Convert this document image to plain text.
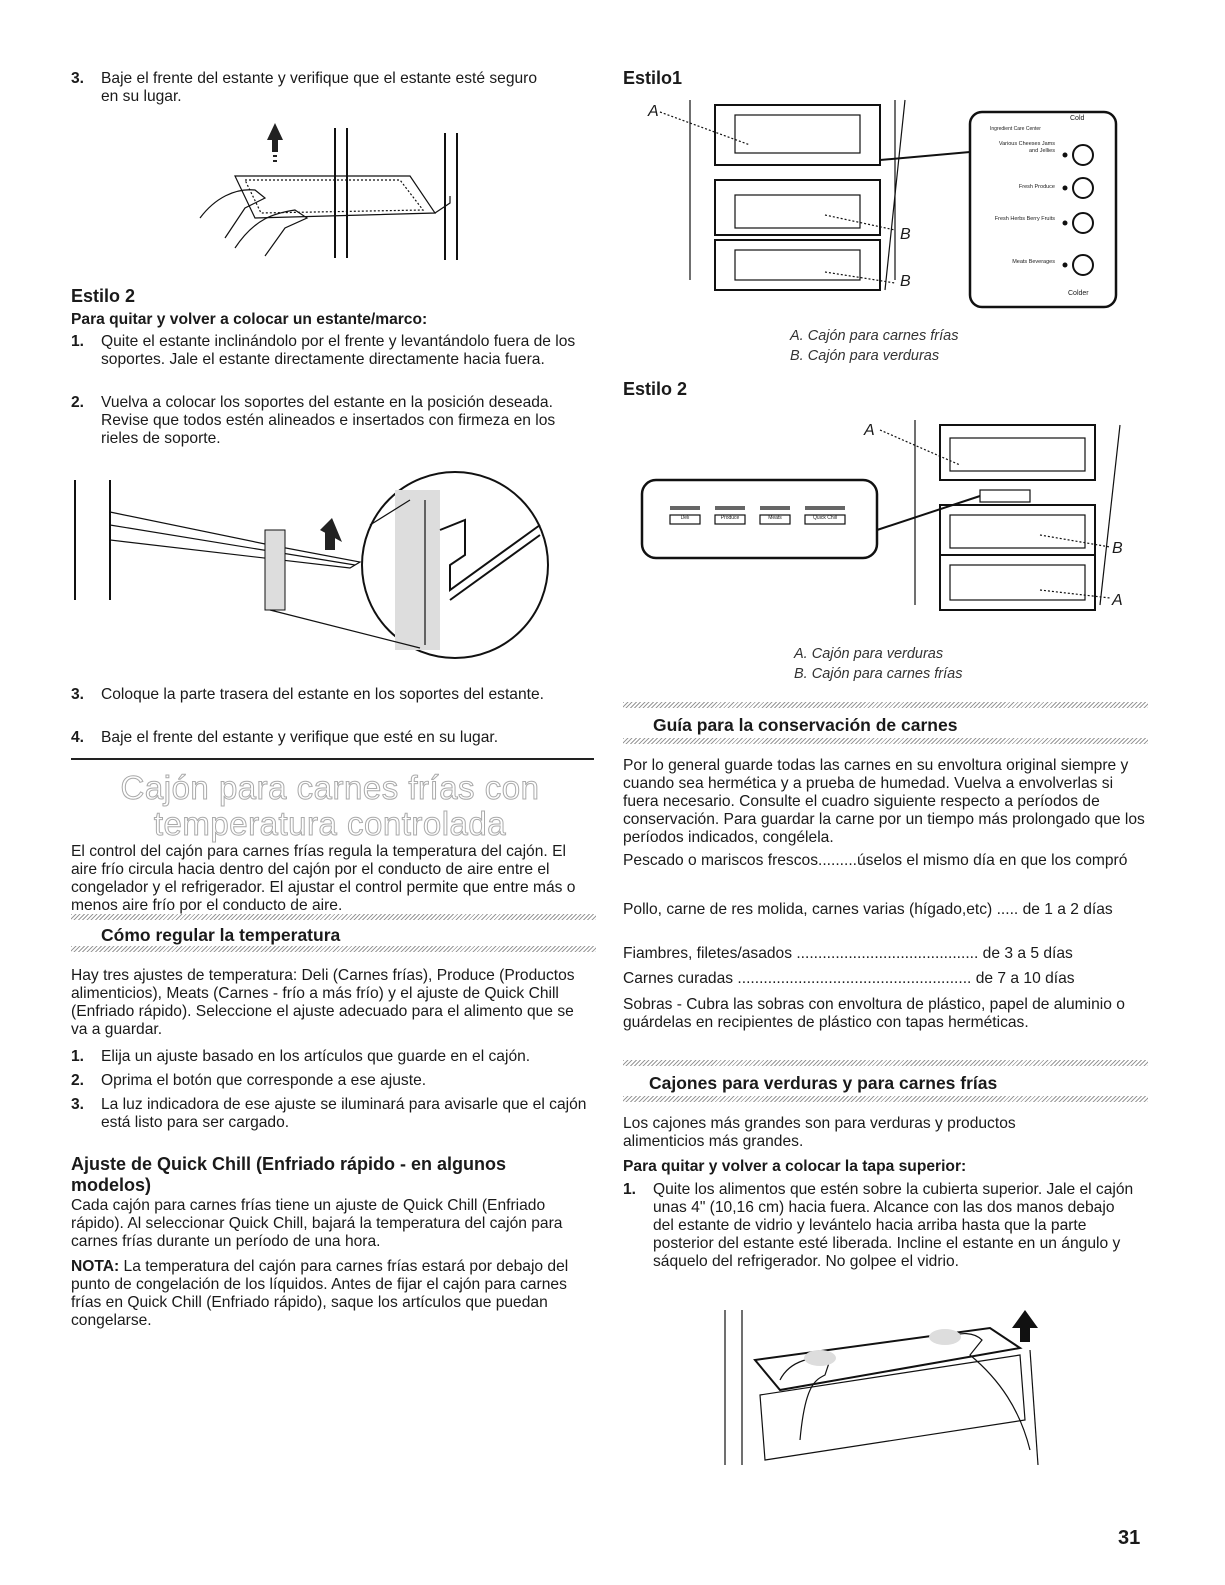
3. Baje el frente del estante y verifique que el estante esté seguro en su lugar.
Estilo 2
Para quitar y volver a colocar un estante/marco:
1. Quite el estante inclinándolo por el frente y levantándolo fuera de los soportes. Jale el estante directamente directamente hacia fuera.
2. Vuelva a colocar los soportes del estante en la posición deseada. Revise que todos estén alineados e insertados con firmeza en los rieles de soporte.
3. Coloque la parte trasera del estante en los soportes del estante.
4. Baje el frente del estante y verifique que esté en su lugar.
Cajón para carnes frías con temperatura controlada

El control del cajón para carnes frías regula la temperatura del cajón. El aire frío circula hacia dentro del cajón por el conducto de aire entre el congelador y el refrigerador. El ajustar el control permite que entre más o menos aire frío por el conducto de aire.

Cómo regular la temperatura

Hay tres ajustes de temperatura: Deli (Carnes frías), Produce (Productos alimenticios), Meats (Carnes - frío a más frío) y el ajuste de Quick Chill (Enfriado rápido). Seleccione el ajuste adecuado para el alimento que se va a guardar.

1. Elija un ajuste basado en los artículos que guarde en el cajón.
2. Oprima el botón que corresponde a ese ajuste.
3. La luz indicadora de ese ajuste se iluminará para avisarle que el cajón está listo para ser cargado.
Ajuste de Quick Chill (Enfriado rápido - en algunos modelos)

Cada cajón para carnes frías tiene un ajuste de Quick Chill (Enfriado rápido). Al seleccionar Quick Chill, bajará la temperatura del cajón para carnes frías durante un período de una hora.

NOTA: La temperatura del cajón para carnes frías estará por debajo del punto de congelación de los líquidos. Antes de fijar el cajón para carnes frías en Quick Chill (Enfriado rápido), saque los artículos que puedan congelarse.

Estilo1
A
B
B
Ingredient Care Center
Cold
Colder
Various Cheeses Jams and Jellies
Fresh Produce
Fresh Herbs Berry Fruits
Meats Beverages
A. Cajón para carnes frías
B. Cajón para verduras
Estilo 2
Deli	Produce	Meats	Quick Chill
A
B
A
A. Cajón para verduras
B. Cajón para carnes frías
Guía para la conservación de carnes

Por lo general guarde todas las carnes en su envoltura original siempre y cuando sea hermética y a prueba de humedad. Vuelva a envolverlas si fuera necesario. Consulte el cuadro siguiente respecto a períodos de conservación. Para guardar la carne por un tiempo más prolongado que los períodos indicados, congélela.

Pescado o mariscos frescos.........úselos el mismo día en que los compró
Pollo, carne de res molida, carnes varias (hígado,etc) ..... de 1 a 2 días
Fiambres, filetes/asados .......................................... de 3 a 5 días
Carnes curadas ...................................................... de 7 a 10 días

Sobras - Cubra las sobras con envoltura de plástico, papel de aluminio o guárdelas en recipientes de plástico con tapas herméticas.

Cajones para verduras y para carnes frías

Los cajones más grandes son para verduras y productos alimenticios más grandes.

Para quitar y volver a colocar la tapa superior:
1. Quite los alimentos que estén sobre la cubierta superior. Jale el cajón unas 4" (10,16 cm) hacia fuera. Alcance con las dos manos debajo del estante de vidrio y levántelo hacia arriba hasta que la parte posterior del estante esté liberada. Incline el estante en un ángulo y sáquelo del refrigerador. No golpee el vidrio.
31
